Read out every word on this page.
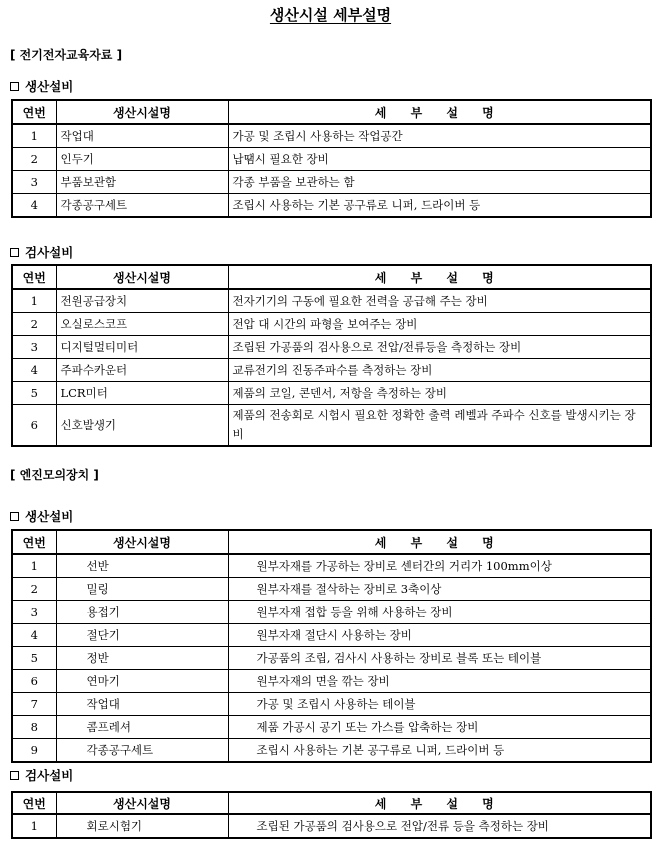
생산시설 세부설명
[ 전기전자교육자료 ]
생산설비
연번	생산시설명	세 부 설 명
1	작업대	가공 및 조립시 사용하는 작업공간
2	인두기	납땜시 필요한 장비
3	부품보관함	각종 부품을 보관하는 함
4	각종공구세트	조립시 사용하는 기본 공구류로 니퍼, 드라이버 등
검사설비
연번	생산시설명	세 부 설 명
1	전원공급장치	전자기기의 구동에 필요한 전력을 공급해 주는 장비
2	오실로스코프	전압 대 시간의 파형을 보여주는 장비
3	디지털멀티미터	조립된 가공품의 검사용으로 전압/전류등을 측정하는 장비
4	주파수카운터	교류전기의 진동주파수를 측정하는 장비
5	LCR미터	제품의 코일, 콘덴서, 저항을 측정하는 장비
6	신호발생기	제품의 전송회로 시험시 필요한 정확한 출력 레벨과 주파수 신호를 발생시키는 장비
[ 엔진모의장치 ]
생산설비
연번	생산시설명	세 부 설 명
1	선반	원부자재를 가공하는 장비로 센터간의 거리가 100mm이상
2	밀링	원부자재를 절삭하는 장비로 3축이상
3	용접기	원부자재 접합 등을 위해 사용하는 장비
4	절단기	원부자재 절단시 사용하는 장비
5	정반	가공품의 조립, 검사시 사용하는 장비로 블록 또는 테이블
6	연마기	원부자재의 면을 깎는 장비
7	작업대	가공 및 조립시 사용하는 테이블
8	콤프레셔	제품 가공시 공기 또는 가스를 압축하는 장비
9	각종공구세트	조립시 사용하는 기본 공구류로 니퍼, 드라이버 등
검사설비
연번	생산시설명	세 부 설 명
1	회로시험기	조립된 가공품의 검사용으로 전압/전류 등을 측정하는 장비
